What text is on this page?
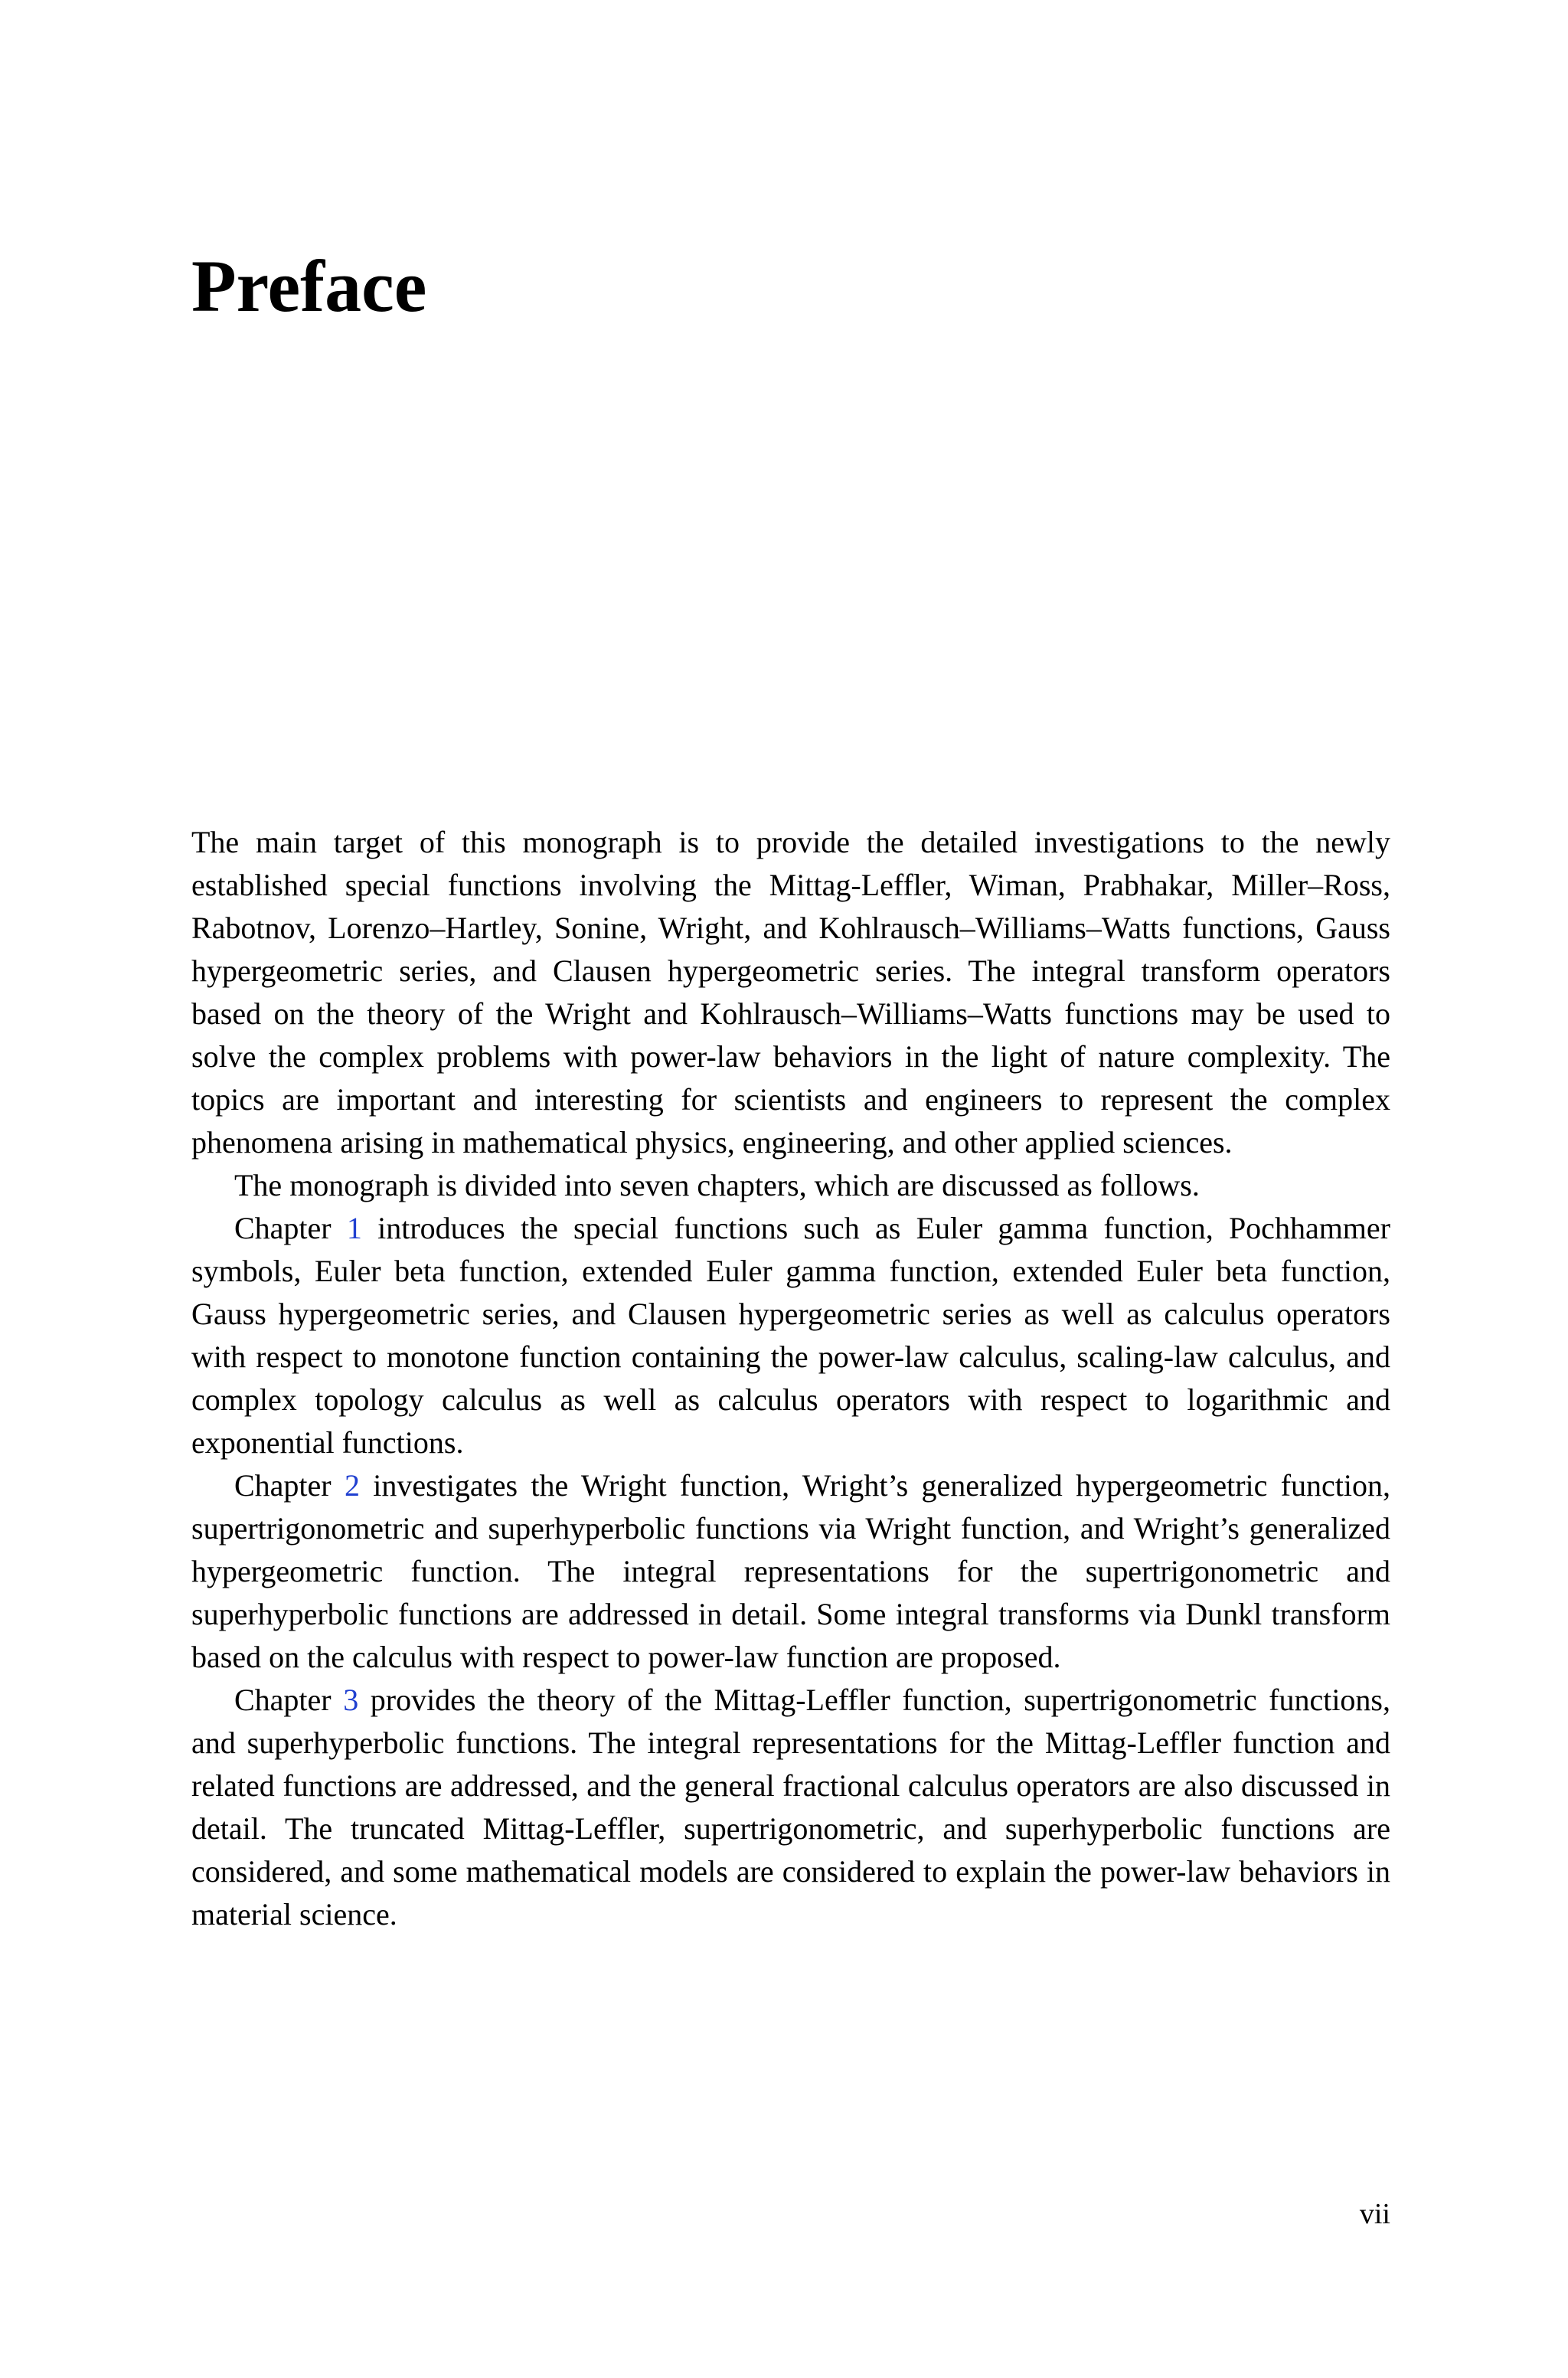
Preface

The main target of this monograph is to provide the detailed investigations to the newly established special functions involving the Mittag-Leffler, Wiman, Prabhakar, Miller–Ross, Rabotnov, Lorenzo–Hartley, Sonine, Wright, and Kohlrausch–Williams–Watts functions, Gauss hypergeometric series, and Clausen hypergeometric series. The integral transform operators based on the theory of the Wright and Kohlrausch–Williams–Watts functions may be used to solve the complex problems with power-law behaviors in the light of nature complexity. The topics are important and interesting for scientists and engineers to represent the complex phenomena arising in mathematical physics, engineering, and other applied sciences.

The monograph is divided into seven chapters, which are discussed as follows.

Chapter 1 introduces the special functions such as Euler gamma function, Pochhammer symbols, Euler beta function, extended Euler gamma function, extended Euler beta function, Gauss hypergeometric series, and Clausen hypergeometric series as well as calculus operators with respect to monotone function containing the power-law calculus, scaling-law calculus, and complex topology calculus as well as calculus operators with respect to logarithmic and exponential functions.

Chapter 2 investigates the Wright function, Wright’s generalized hypergeometric function, supertrigonometric and superhyperbolic functions via Wright function, and Wright’s generalized hypergeometric function. The integral representations for the supertrigonometric and superhyperbolic functions are addressed in detail. Some integral transforms via Dunkl transform based on the calculus with respect to power-law function are proposed.

Chapter 3 provides the theory of the Mittag-Leffler function, supertrigonometric functions, and superhyperbolic functions. The integral representations for the Mittag-Leffler function and related functions are addressed, and the general fractional calculus operators are also discussed in detail. The truncated Mittag-Leffler, supertrigonometric, and superhyperbolic functions are considered, and some mathematical models are considered to explain the power-law behaviors in material science.

vii
